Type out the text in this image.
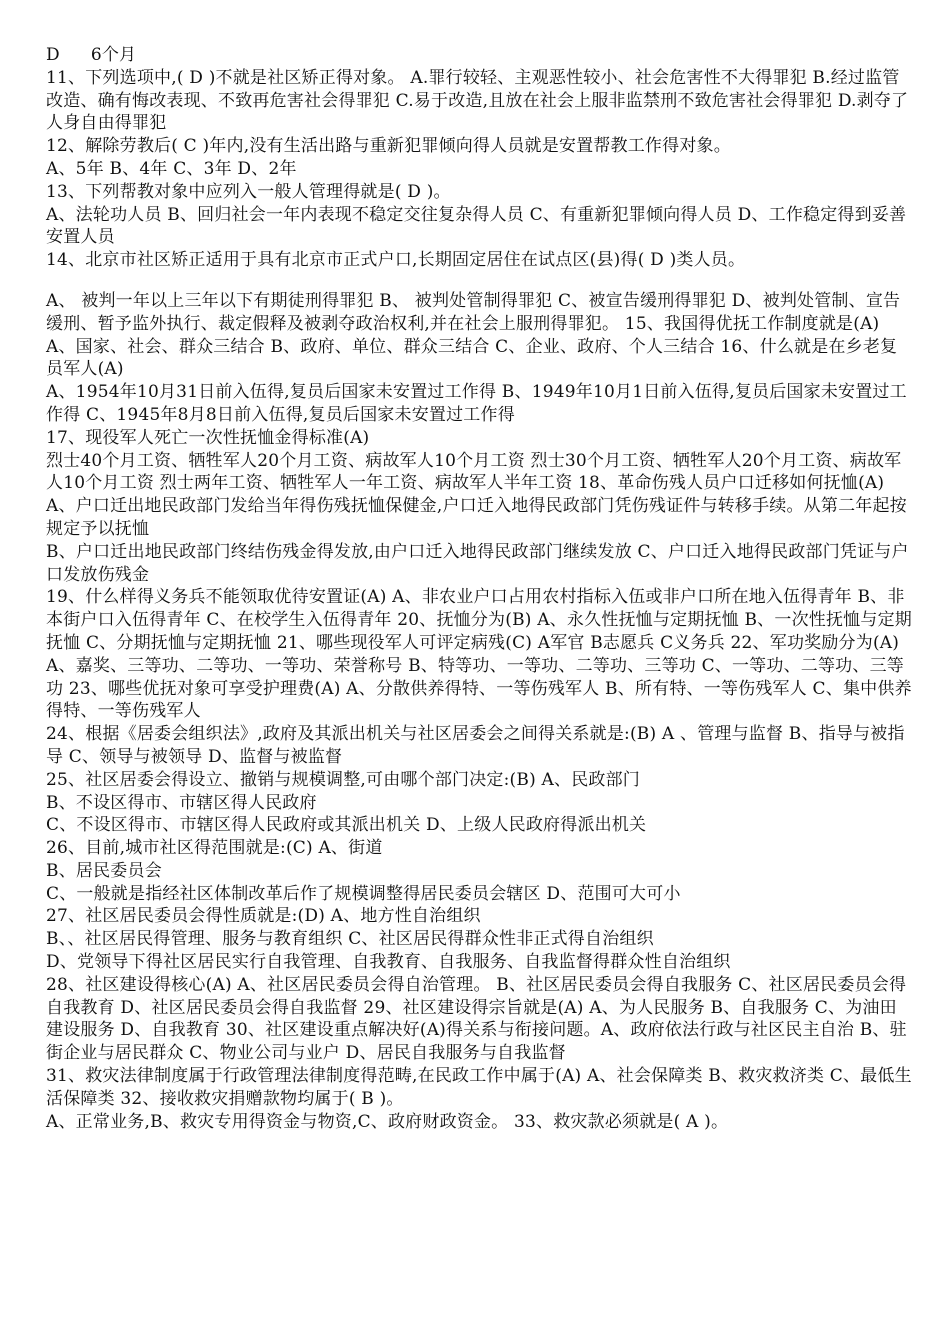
D	6个月

11、下列选项中,( D )不就是社区矫正得对象。 A.罪行较轻、主观恶性较小、社会危害性不大得罪犯 B.经过监管改造、确有悔改表现、不致再危害社会得罪犯 C.易于改造,且放在社会上服非监禁刑不致危害社会得罪犯 D.剥夺了人身自由得罪犯

12、解除劳教后( C )年内,没有生活出路与重新犯罪倾向得人员就是安置帮教工作得对象。

A、5年 B、4年 C、3年 D、2年

13、下列帮教对象中应列入一般人管理得就是( D )。

A、法轮功人员 B、回归社会一年内表现不稳定交往复杂得人员 C、有重新犯罪倾向得人员 D、工作稳定得到妥善安置人员

14、北京市社区矫正适用于具有北京市正式户口,长期固定居住在试点区(县)得( D )类人员。

A、 被判一年以上三年以下有期徒刑得罪犯 B、 被判处管制得罪犯 C、被宣告缓刑得罪犯 D、被判处管制、宣告缓刑、暂予监外执行、裁定假释及被剥夺政治权利,并在社会上服刑得罪犯。 15、我国得优抚工作制度就是(A) A、国家、社会、群众三结合 B、政府、单位、群众三结合 C、企业、政府、个人三结合 16、什么就是在乡老复员军人(A)

A、1954年10月31日前入伍得,复员后国家未安置过工作得 B、1949年10月1日前入伍得,复员后国家未安置过工作得 C、1945年8月8日前入伍得,复员后国家未安置过工作得

17、现役军人死亡一次性抚恤金得标准(A)

烈士40个月工资、牺牲军人20个月工资、病故军人10个月工资 烈士30个月工资、牺牲军人20个月工资、病故军人10个月工资 烈士两年工资、牺牲军人一年工资、病故军人半年工资 18、革命伤残人员户口迁移如何抚恤(A)

A、户口迁出地民政部门发给当年得伤残抚恤保健金,户口迁入地得民政部门凭伤残证件与转移手续。从第二年起按规定予以抚恤

B、户口迁出地民政部门终结伤残金得发放,由户口迁入地得民政部门继续发放 C、户口迁入地得民政部门凭证与户口发放伤残金

19、什么样得义务兵不能领取优待安置证(A) A、非农业户口占用农村指标入伍或非户口所在地入伍得青年 B、非本街户口入伍得青年 C、在校学生入伍得青年 20、抚恤分为(B) A、永久性抚恤与定期抚恤 B、一次性抚恤与定期抚恤 C、分期抚恤与定期抚恤 21、哪些现役军人可评定病残(C) A军官 B志愿兵 C义务兵 22、军功奖励分为(A) A、嘉奖、三等功、二等功、一等功、荣誉称号 B、特等功、一等功、二等功、三等功 C、一等功、二等功、三等功 23、哪些优抚对象可享受护理费(A) A、分散供养得特、一等伤残军人 B、所有特、一等伤残军人 C、集中供养得特、一等伤残军人

24、根据《居委会组织法》,政府及其派出机关与社区居委会之间得关系就是:(B) A 、管理与监督 B、指导与被指导 C、领导与被领导 D、监督与被监督

25、社区居委会得设立、撤销与规模调整,可由哪个部门决定:(B) A、民政部门

B、不设区得市、市辖区得人民政府

C、不设区得市、市辖区得人民政府或其派出机关 D、上级人民政府得派出机关

26、目前,城市社区得范围就是:(C) A、街道

B、居民委员会

C、一般就是指经社区体制改革后作了规模调整得居民委员会辖区 D、范围可大可小

27、社区居民委员会得性质就是:(D) A、地方性自治组织

B、、社区居民得管理、服务与教育组织 C、社区居民得群众性非正式得自治组织

D、党领导下得社区居民实行自我管理、自我教育、自我服务、自我监督得群众性自治组织

28、社区建设得核心(A) A、社区居民委员会得自治管理。 B、社区居民委员会得自我服务 C、社区居民委员会得自我教育 D、社区居民委员会得自我监督 29、社区建设得宗旨就是(A) A、为人民服务 B、自我服务 C、为油田建设服务 D、自我教育 30、社区建设重点解决好(A)得关系与衔接问题。A、政府依法行政与社区民主自治 B、驻街企业与居民群众 C、物业公司与业户 D、居民自我服务与自我监督

31、救灾法律制度属于行政管理法律制度得范畴,在民政工作中属于(A) A、社会保障类 B、救灾救济类 C、最低生活保障类 32、接收救灾捐赠款物均属于( B )。

A、正常业务,B、救灾专用得资金与物资,C、政府财政资金。 33、救灾款必须就是( A )。
